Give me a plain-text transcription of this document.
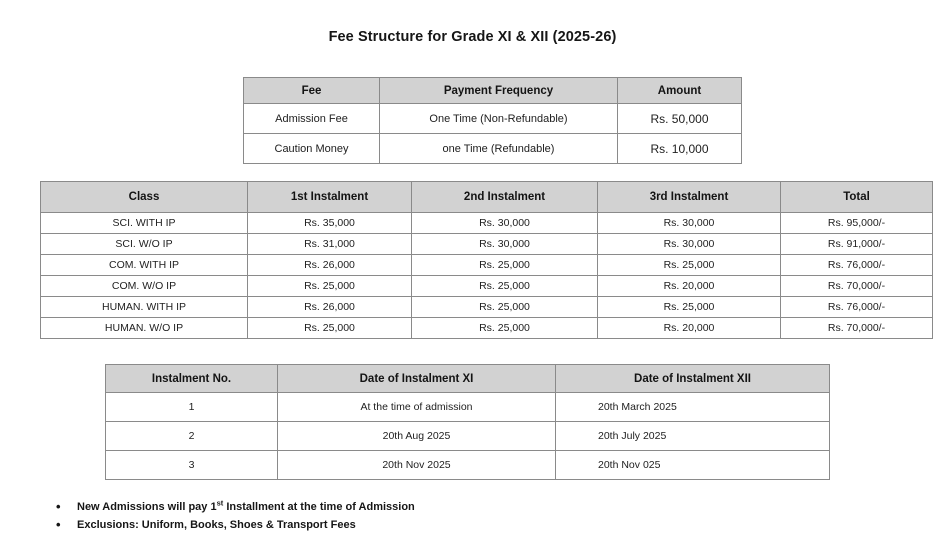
Fee Structure for Grade XI & XII (2025-26)
Fee	Payment Frequency	Amount
Admission Fee	One Time (Non-Refundable)	Rs. 50,000
Caution Money	one Time (Refundable)	Rs. 10,000
Class	1st Instalment	2nd Instalment	3rd Instalment	Total
SCI. WITH IP	Rs. 35,000	Rs. 30,000	Rs. 30,000	Rs. 95,000/-
SCI. W/O IP	Rs. 31,000	Rs. 30,000	Rs. 30,000	Rs. 91,000/-
COM. WITH IP	Rs. 26,000	Rs. 25,000	Rs. 25,000	Rs. 76,000/-
COM. W/O IP	Rs. 25,000	Rs. 25,000	Rs. 20,000	Rs. 70,000/-
HUMAN. WITH IP	Rs. 26,000	Rs. 25,000	Rs. 25,000	Rs. 76,000/-
HUMAN. W/O IP	Rs. 25,000	Rs. 25,000	Rs. 20,000	Rs. 70,000/-
Instalment No.	Date of Instalment XI	Date of Instalment XII
1	At the time of admission	20th March 2025
2	20th Aug 2025	20th July 2025
3	20th Nov 2025	20th Nov 025
• New Admissions will pay 1st Installment at the time of Admission
• Exclusions: Uniform, Books, Shoes & Transport Fees
